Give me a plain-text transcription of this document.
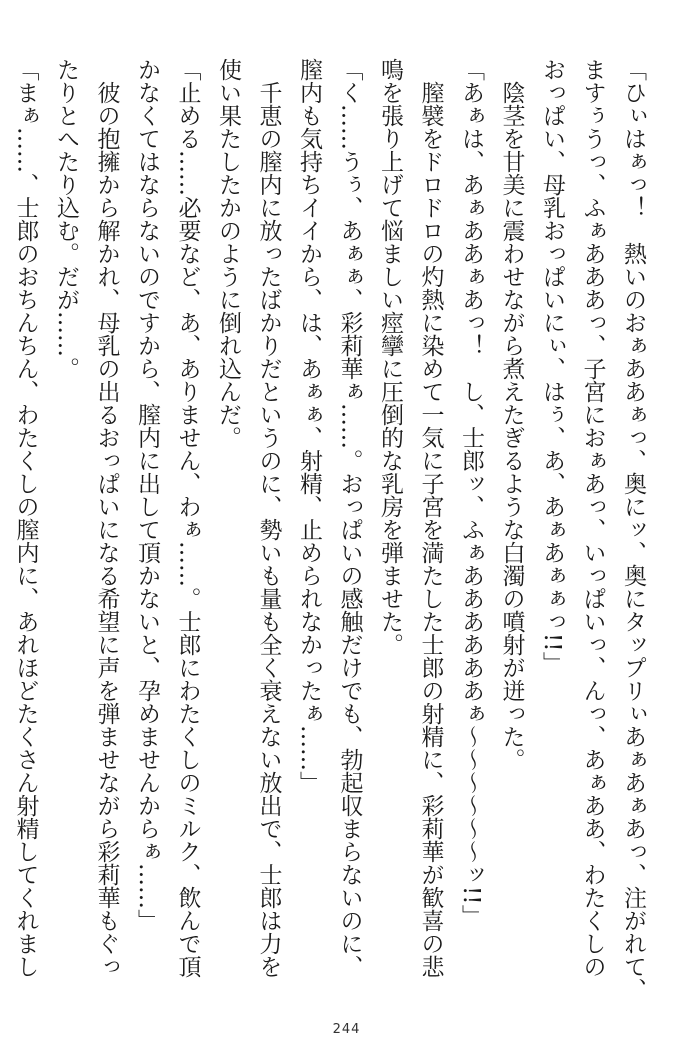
「ひぃはぁっ！　熱いのおぁああぁっ、奥にッ、奥にタップリぃあぁあぁあっ、注がれて、
ますぅうっ、ふぁあああっ、子宮におぁあっ、いっぱいっ、んっ、あぁああ、わたくしの
おっぱい、母乳おっぱいにぃ、はぅ、あ、あぁあぁぁっ!!」
　陰茎を甘美に震わせながら煮えたぎるような白濁の噴射が迸った。
「あぁは、あぁああぁあっ！　し、士郎ッ、ふぁああああああぁ〜〜〜〜〜〜ッ!!」
　膣襞をドロドロの灼熱に染めて一気に子宮を満たした士郎の射精に、彩莉華が歓喜の悲
鳴を張り上げて悩ましい痙攣に圧倒的な乳房を弾ませた。
「く……うぅ、あぁぁ、彩莉華ぁ……。おっぱいの感触だけでも、勃起収まらないのに、
膣内も気持ちイイから、は、あぁぁ、射精、止められなかったぁ……」
　千恵の膣内に放ったばかりだというのに、勢いも量も全く衰えない放出で、士郎は力を
使い果たしたかのように倒れ込んだ。
「止める……必要など、あ、ありません、わぁ……。士郎にわたくしのミルク、飲んで頂
かなくてはならないのですから、膣内に出して頂かないと、孕めませんからぁ……」
　彼の抱擁から解かれ、母乳の出るおっぱいになる希望に声を弾ませながら彩莉華もぐっ
たりとへたり込む。だが……。
「まぁ……、士郎のおちんちん、わたくしの膣内に、あれほどたくさん射精してくれまし
244
